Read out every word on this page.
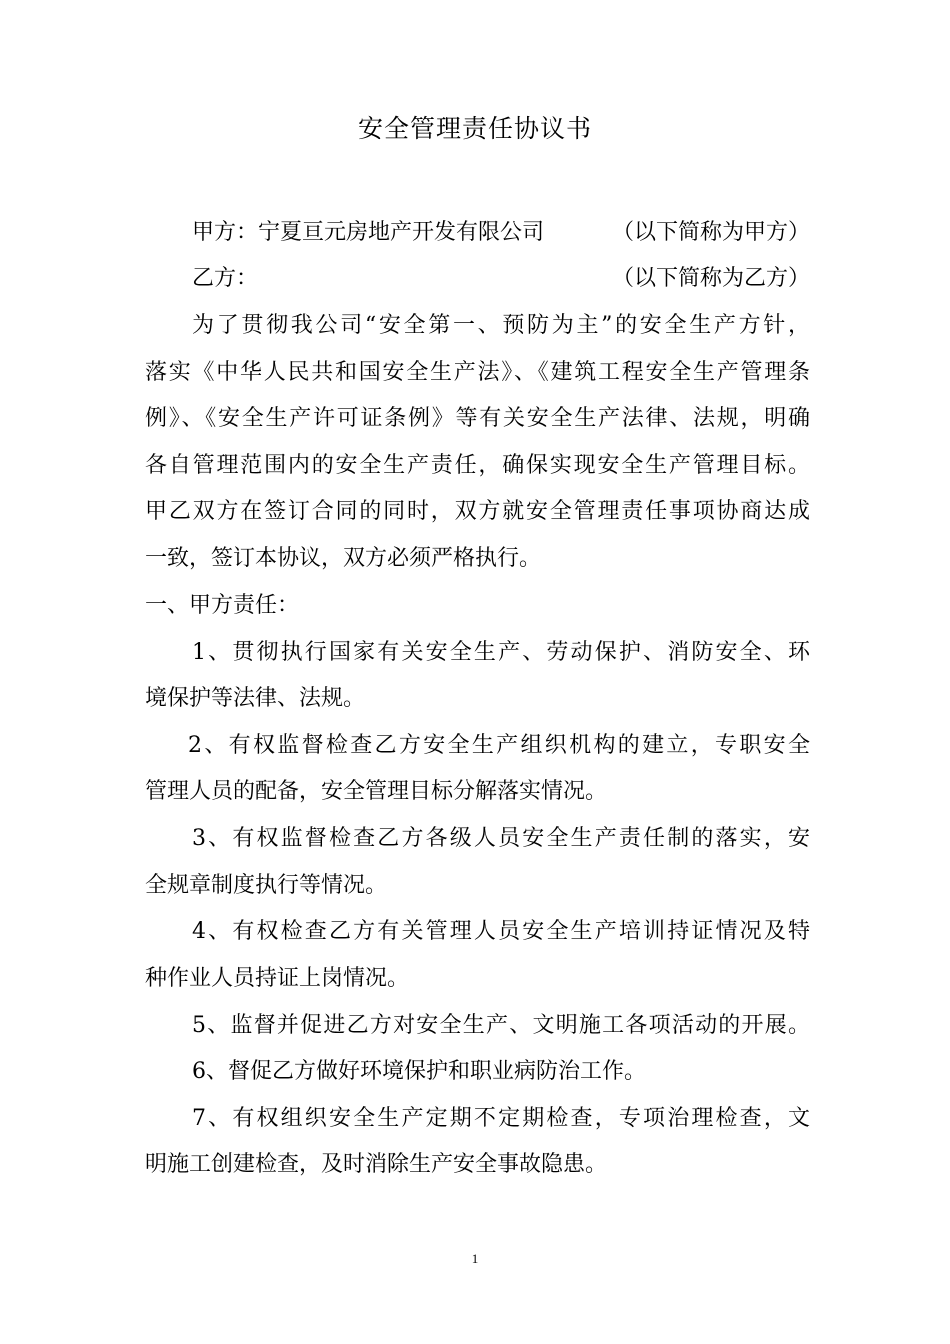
安全管理责任协议书
甲方：宁夏亘元房地产开发有限公司	（以下简称为甲方）
乙方：	（以下简称为乙方）
为了贯彻我公司“安全第一、预防为主”的安全生产方针，
落实《中华人民共和国安全生产法》、《建筑工程安全生产管理条
例》、《安全生产许可证条例》等有关安全生产法律、法规，明确
各自管理范围内的安全生产责任，确保实现安全生产管理目标。
甲乙双方在签订合同的同时，双方就安全管理责任事项协商达成
一致，签订本协议，双方必须严格执行。
一、甲方责任：
1、贯彻执行国家有关安全生产、劳动保护、消防安全、环
境保护等法律、法规。
2、有权监督检查乙方安全生产组织机构的建立，专职安全
管理人员的配备，安全管理目标分解落实情况。
3、有权监督检查乙方各级人员安全生产责任制的落实，安
全规章制度执行等情况。
4、有权检查乙方有关管理人员安全生产培训持证情况及特
种作业人员持证上岗情况。
5、监督并促进乙方对安全生产、文明施工各项活动的开展。
6、督促乙方做好环境保护和职业病防治工作。
7、有权组织安全生产定期不定期检查，专项治理检查，文
明施工创建检查，及时消除生产安全事故隐患。
1
